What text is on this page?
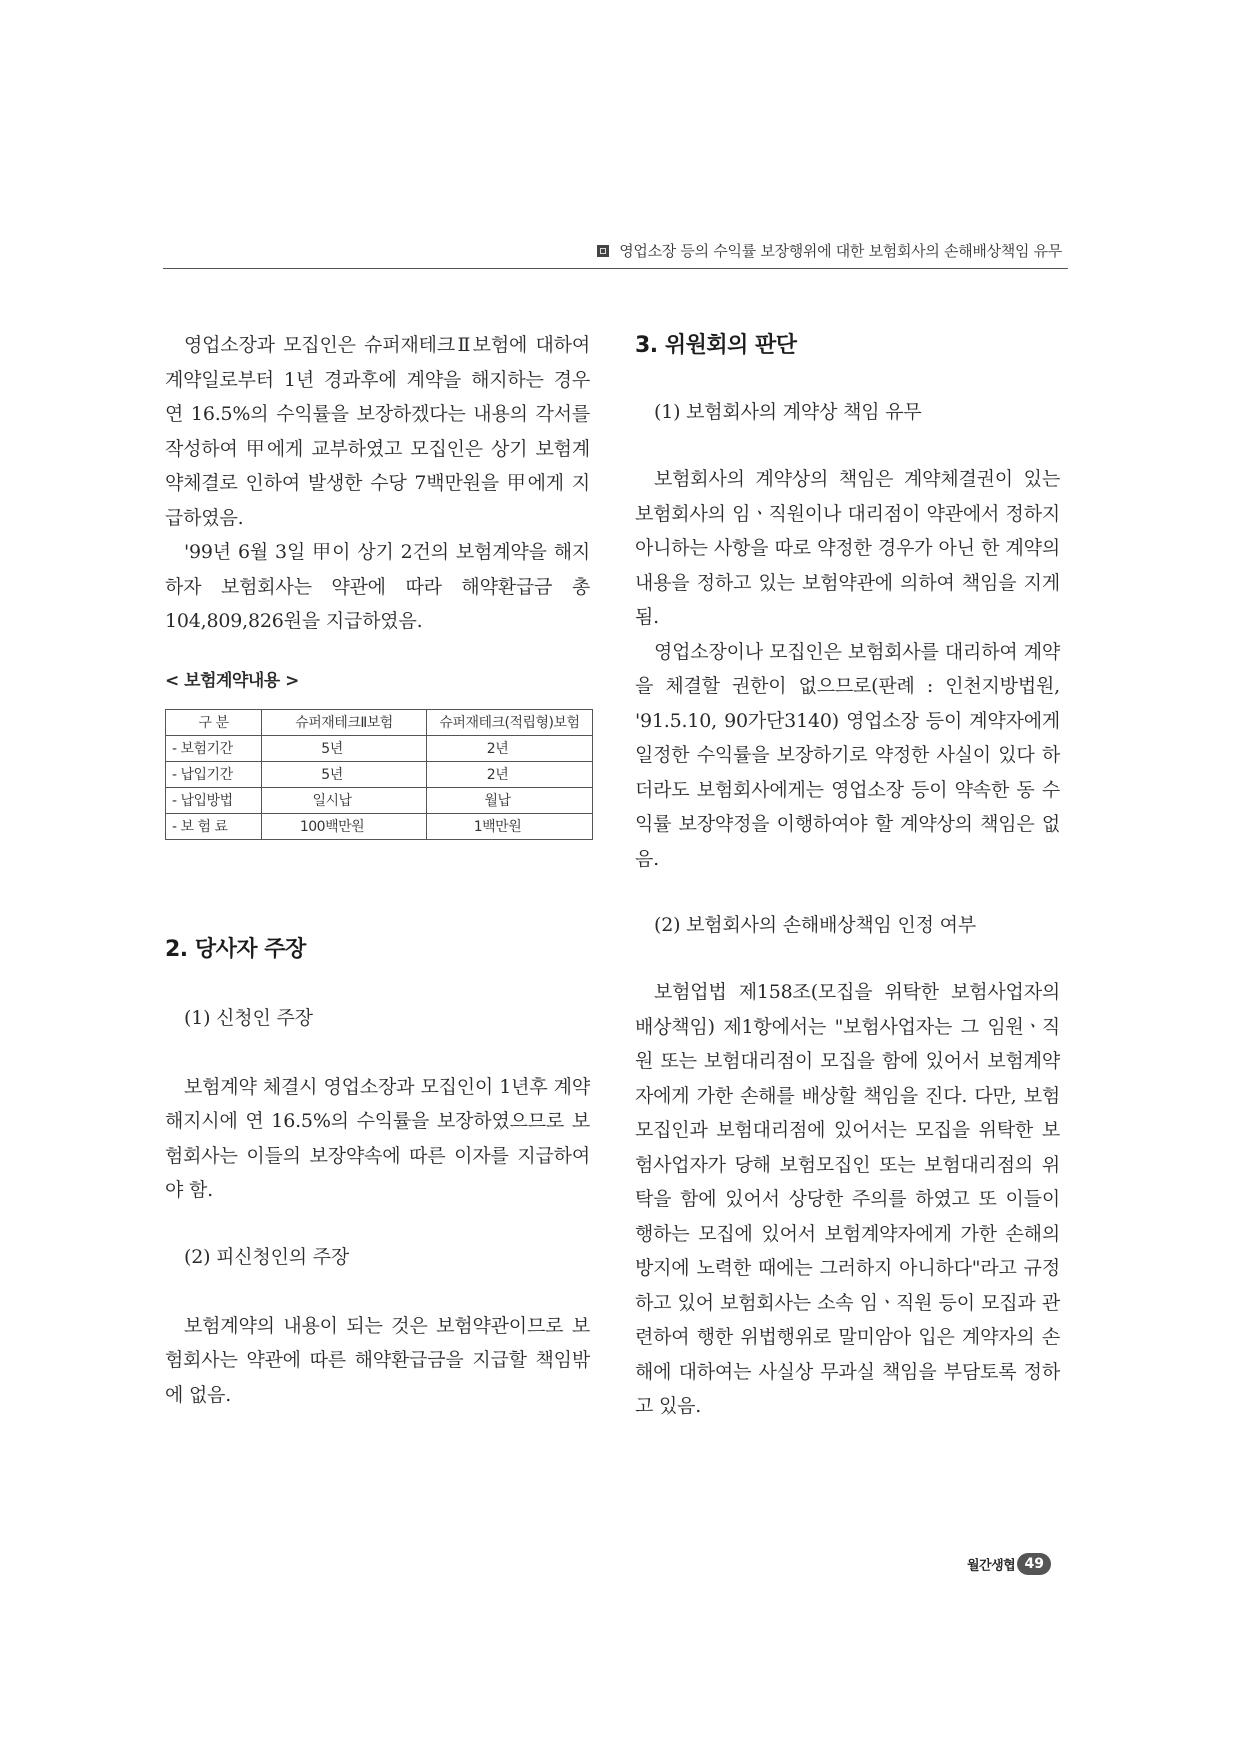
영업소장 등의 수익률 보장행위에 대한 보험회사의 손해배상책임 유무

영업소장과 모집인은 슈퍼재테크Ⅱ보험에 대하여 계약일로부터 1년 경과후에 계약을 해지하는 경우 연 16.5%의 수익률을 보장하겠다는 내용의 각서를 작성하여 甲에게 교부하였고 모집인은 상기 보험계약체결로 인하여 발생한 수당 7백만원을 甲에게 지급하였음.

'99년 6월 3일 甲이 상기 2건의 보험계약을 해지하자 보험회사는 약관에 따라 해약환급금 총 104,809,826원을 지급하였음.

< 보험계약내용 >

구 분	슈퍼재테크Ⅱ보험	슈퍼재테크(적립형)보험
- 보험기간	5년	2년
- 납입기간	5년	2년
- 납입방법	일시납	월납
- 보 험 료	100백만원	1백만원
2. 당사자 주장
(1) 신청인 주장

보험계약 체결시 영업소장과 모집인이 1년후 계약해지시에 연 16.5%의 수익률을 보장하였으므로 보험회사는 이들의 보장약속에 따른 이자를 지급하여야 함.

(2) 피신청인의 주장

보험계약의 내용이 되는 것은 보험약관이므로 보험회사는 약관에 따른 해약환급금을 지급할 책임밖에 없음.

3. 위원회의 판단
(1) 보험회사의 계약상 책임 유무

보험회사의 계약상의 책임은 계약체결권이 있는 보험회사의 임ㆍ직원이나 대리점이 약관에서 정하지 아니하는 사항을 따로 약정한 경우가 아닌 한 계약의 내용을 정하고 있는 보험약관에 의하여 책임을 지게 됨.

영업소장이나 모집인은 보험회사를 대리하여 계약을 체결할 권한이 없으므로(판례 : 인천지방법원, '91.5.10, 90가단3140) 영업소장 등이 계약자에게 일정한 수익률을 보장하기로 약정한 사실이 있다 하더라도 보험회사에게는 영업소장 등이 약속한 동 수익률 보장약정을 이행하여야 할 계약상의 책임은 없음.

(2) 보험회사의 손해배상책임 인정 여부

보험업법 제158조(모집을 위탁한 보험사업자의 배상책임) 제1항에서는 "보험사업자는 그 임원ㆍ직원 또는 보험대리점이 모집을 함에 있어서 보험계약자에게 가한 손해를 배상할 책임을 진다. 다만, 보험모집인과 보험대리점에 있어서는 모집을 위탁한 보험사업자가 당해 보험모집인 또는 보험대리점의 위탁을 함에 있어서 상당한 주의를 하였고 또 이들이 행하는 모집에 있어서 보험계약자에게 가한 손해의 방지에 노력한 때에는 그러하지 아니하다"라고 규정하고 있어 보험회사는 소속 임ㆍ직원 등이 모집과 관련하여 행한 위법행위로 말미암아 입은 계약자의 손해에 대하여는 사실상 무과실 책임을 부담토록 정하고 있음.

월간생협 49
